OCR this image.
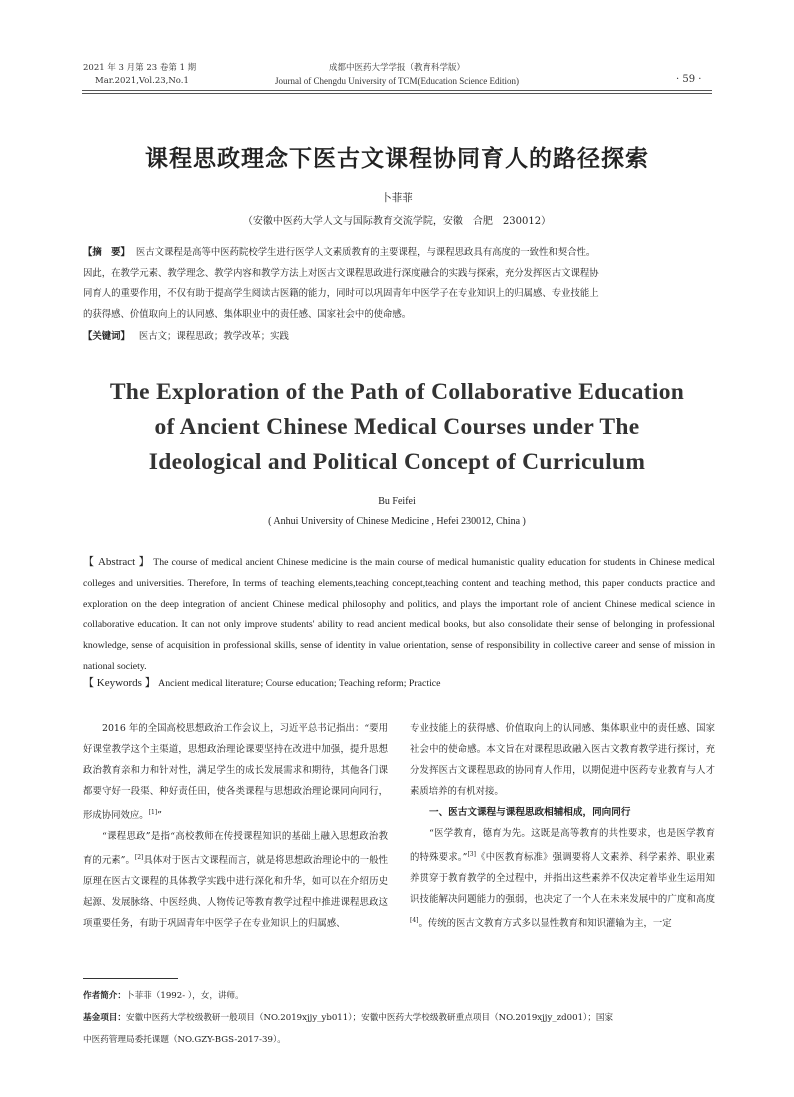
2021 年 3 月第 23 卷第 1 期
Mar.2021,Vol.23,No.1
成都中医药大学学报（教育科学版）
Journal of Chengdu University of TCM(Education Science Edition)	· 59 ·
课程思政理念下医古文课程协同育人的路径探索
卜菲菲
（安徽中医药大学人文与国际教育交流学院，安徽　合肥　230012）
【摘　要】 医古文课程是高等中医药院校学生进行医学人文素质教育的主要课程，与课程思政具有高度的一致性和契合性。
因此，在教学元素、教学理念、教学内容和教学方法上对医古文课程思政进行深度融合的实践与探索，充分发挥医古文课程协
同育人的重要作用，不仅有助于提高学生阅读古医籍的能力，同时可以巩固青年中医学子在专业知识上的归属感、专业技能上
的获得感、价值取向上的认同感、集体职业中的责任感、国家社会中的使命感。
【关键词】 医古文；课程思政；教学改革；实践
The Exploration of the Path of Collaborative Education
of Ancient Chinese Medical Courses under The
Ideological and Political Concept of Curriculum
Bu Feifei
( Anhui University of Chinese Medicine , Hefei 230012, China )
【 Abstract 】 The course of medical ancient Chinese medicine is the main course of medical humanistic quality education for students in Chinese medical colleges and universities. Therefore, In terms of teaching elements,teaching concept,teaching content and teaching method, this paper conducts practice and exploration on the deep integration of ancient Chinese medical philosophy and politics, and plays the important role of ancient Chinese medical science in collaborative education. It can not only improve students' ability to read ancient medical books, but also consolidate their sense of belonging in professional knowledge, sense of acquisition in professional skills, sense of identity in value orientation, sense of responsibility in collective career and sense of mission in national society.
【 Keywords 】 Ancient medical literature; Course education; Teaching reform; Practice

2016 年的全国高校思想政治工作会议上，习近平总书记指出：“要用好课堂教学这个主渠道，思想政治理论课要坚持在改进中加强，提升思想政治教育亲和力和针对性，满足学生的成长发展需求和期待，其他各门课都要守好一段渠、种好责任田，使各类课程与思想政治理论课同向同行，形成协同效应。[1]”

“课程思政”是指“高校教师在传授课程知识的基础上融入思想政治教育的元素”。[2]具体对于医古文课程而言，就是将思想政治理论中的一般性原理在医古文课程的具体教学实践中进行深化和升华，如可以在介绍历史起源、发展脉络、中医经典、人物传记等教育教学过程中推进课程思政这项重要任务，有助于巩固青年中医学子在专业知识上的归属感、

专业技能上的获得感、价值取向上的认同感、集体职业中的责任感、国家社会中的使命感。本文旨在对课程思政融入医古文教育教学进行探讨，充分发挥医古文课程思政的协同育人作用，以期促进中医药专业教育与人才素质培养的有机对接。

一、医古文课程与课程思政相辅相成，同向同行

“医学教育，德育为先。这既是高等教育的共性要求，也是医学教育的特殊要求。”[3]《中医教育标准》强调要将人文素养、科学素养、职业素养贯穿于教育教学的全过程中，并指出这些素养不仅决定着毕业生运用知识技能解决问题能力的强弱，也决定了一个人在未来发展中的广度和高度[4]。传统的医古文教育方式多以显性教育和知识灌输为主，一定

作者简介：卜菲菲（1992- ），女，讲师。
基金项目：安徽中医药大学校级教研一般项目（NO.2019xjjy_yb011）；安徽中医药大学校级教研重点项目（NO.2019xjjy_zd001）；国家
中医药管理局委托课题（NO.GZY-BGS-2017-39）。
